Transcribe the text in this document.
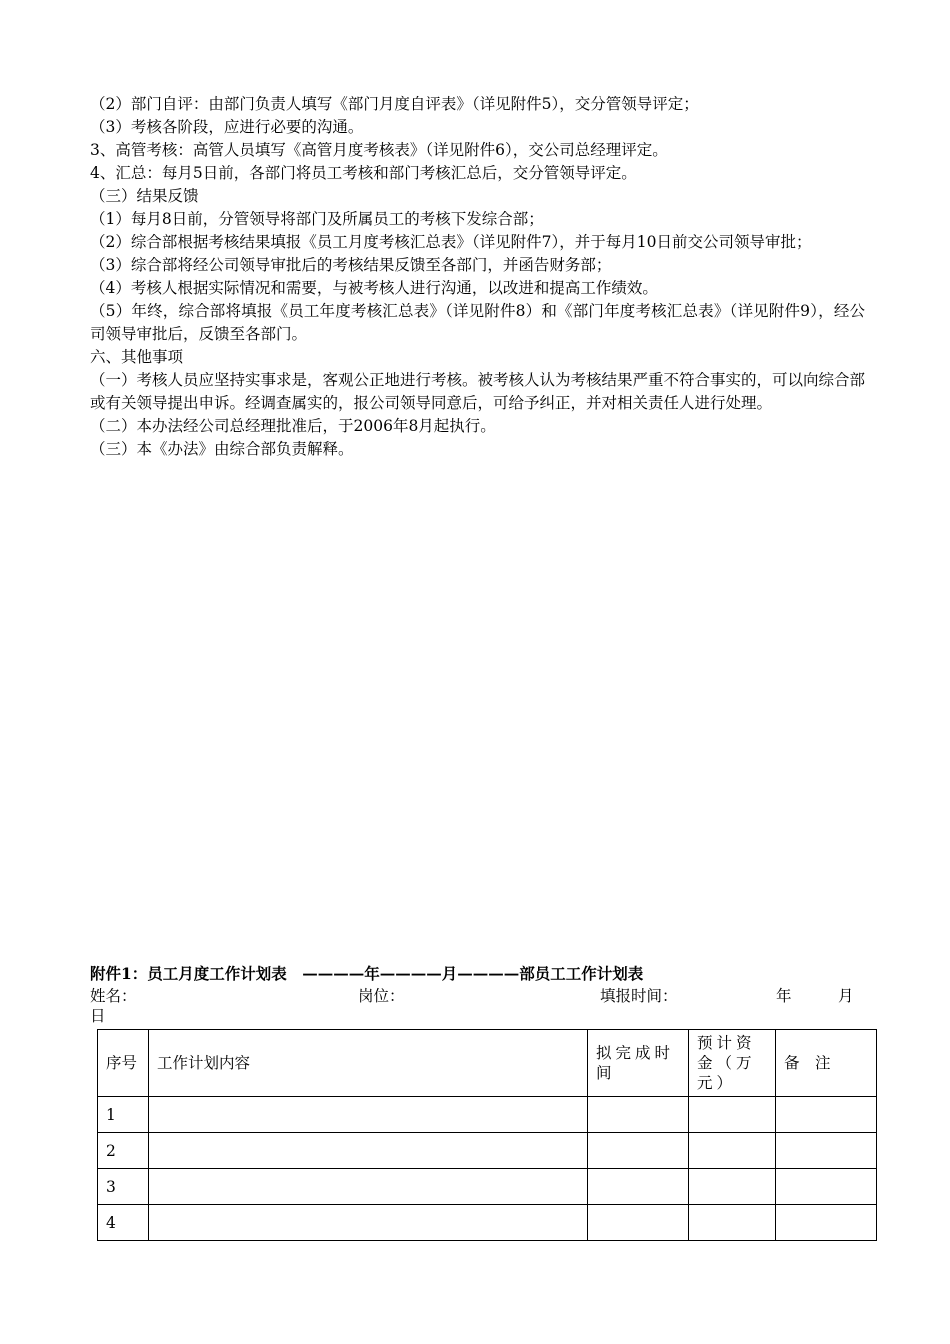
（2）部门自评：由部门负责人填写《部门月度自评表》（详见附件5），交分管领导评定；

（3）考核各阶段，应进行必要的沟通。

3、高管考核：高管人员填写《高管月度考核表》（详见附件6），交公司总经理评定。

4、汇总：每月5日前，各部门将员工考核和部门考核汇总后，交分管领导评定。

（三）结果反馈

（1）每月8日前，分管领导将部门及所属员工的考核下发综合部；

（2）综合部根据考核结果填报《员工月度考核汇总表》（详见附件7），并于每月10日前交公司领导审批；

（3）综合部将经公司领导审批后的考核结果反馈至各部门，并函告财务部；

（4）考核人根据实际情况和需要，与被考核人进行沟通，以改进和提高工作绩效。

（5）年终，综合部将填报《员工年度考核汇总表》（详见附件8）和《部门年度考核汇总表》（详见附件9），经公司领导审批后，反馈至各部门。

六、其他事项

（一）考核人员应坚持实事求是，客观公正地进行考核。被考核人认为考核结果严重不符合事实的，可以向综合部或有关领导提出申诉。经调查属实的，报公司领导同意后，可给予纠正，并对相关责任人进行处理。

（二）本办法经公司总经理批准后，于2006年8月起执行。

（三）本《办法》由综合部负责解释。

附件1：员工月度工作计划表　————年————月————部员工工作计划表
姓名：	岗位：	填报时间：	年	月
日
序号	工作计划内容	拟完成时间	预计资金（万元）	备　注
1				
2				
3				
4				
